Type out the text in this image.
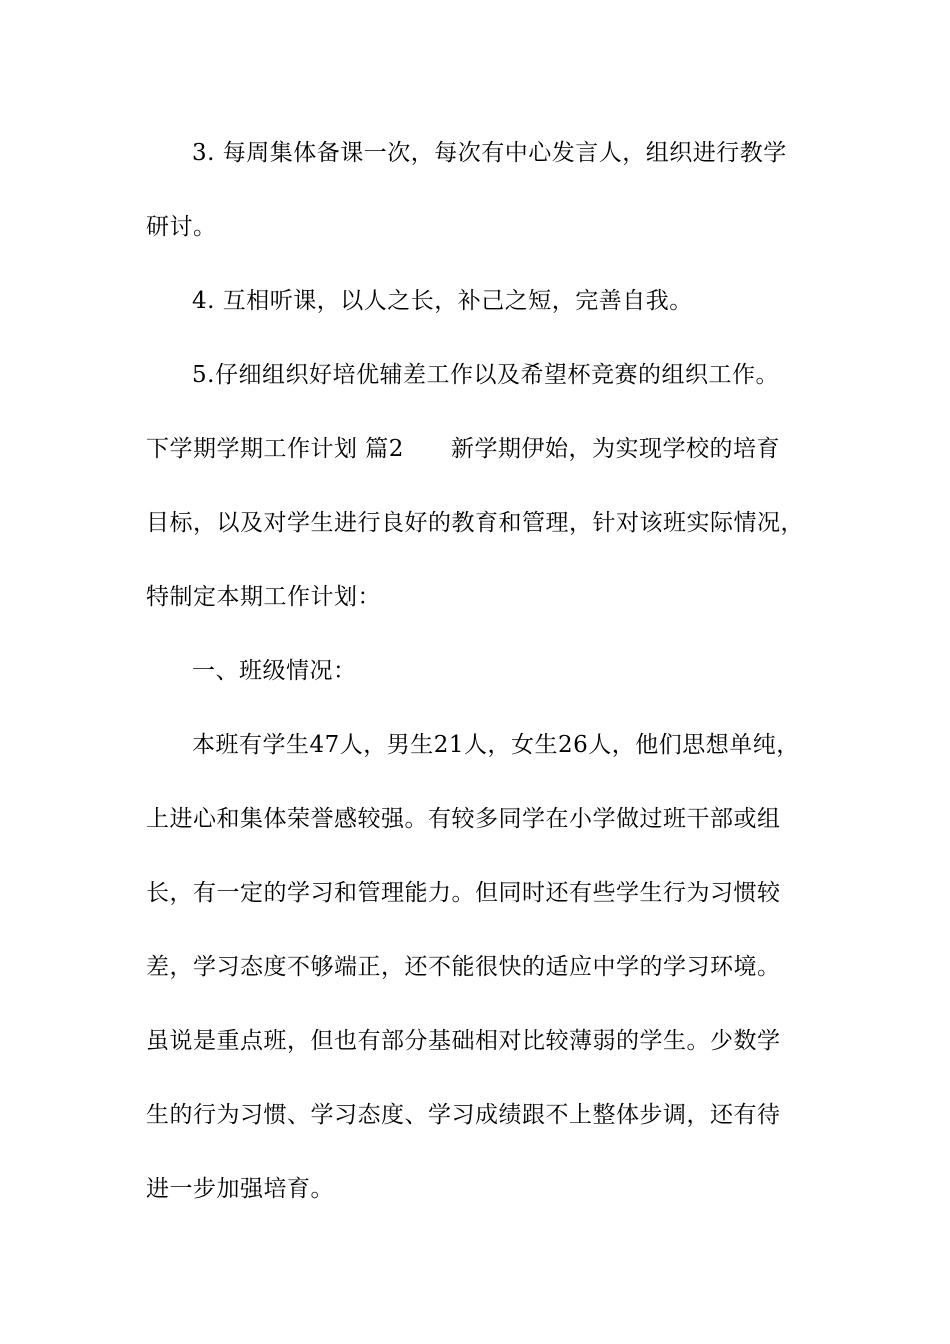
3. 每周集体备课一次，每次有中心发言人，组织进行教学
研讨。
4. 互相听课，以人之长，补己之短，完善自我。
5.仔细组织好培优辅差工作以及希望杯竞赛的组织工作。
下学期学期工作计划 篇2　　新学期伊始，为实现学校的培育
目标，以及对学生进行良好的教育和管理，针对该班实际情况，
特制定本期工作计划：
一、班级情况：
本班有学生47人，男生21人，女生26人，他们思想单纯，
上进心和集体荣誉感较强。有较多同学在小学做过班干部或组
长，有一定的学习和管理能力。但同时还有些学生行为习惯较
差，学习态度不够端正，还不能很快的适应中学的学习环境。
虽说是重点班，但也有部分基础相对比较薄弱的学生。少数学
生的行为习惯、学习态度、学习成绩跟不上整体步调，还有待
进一步加强培育。
